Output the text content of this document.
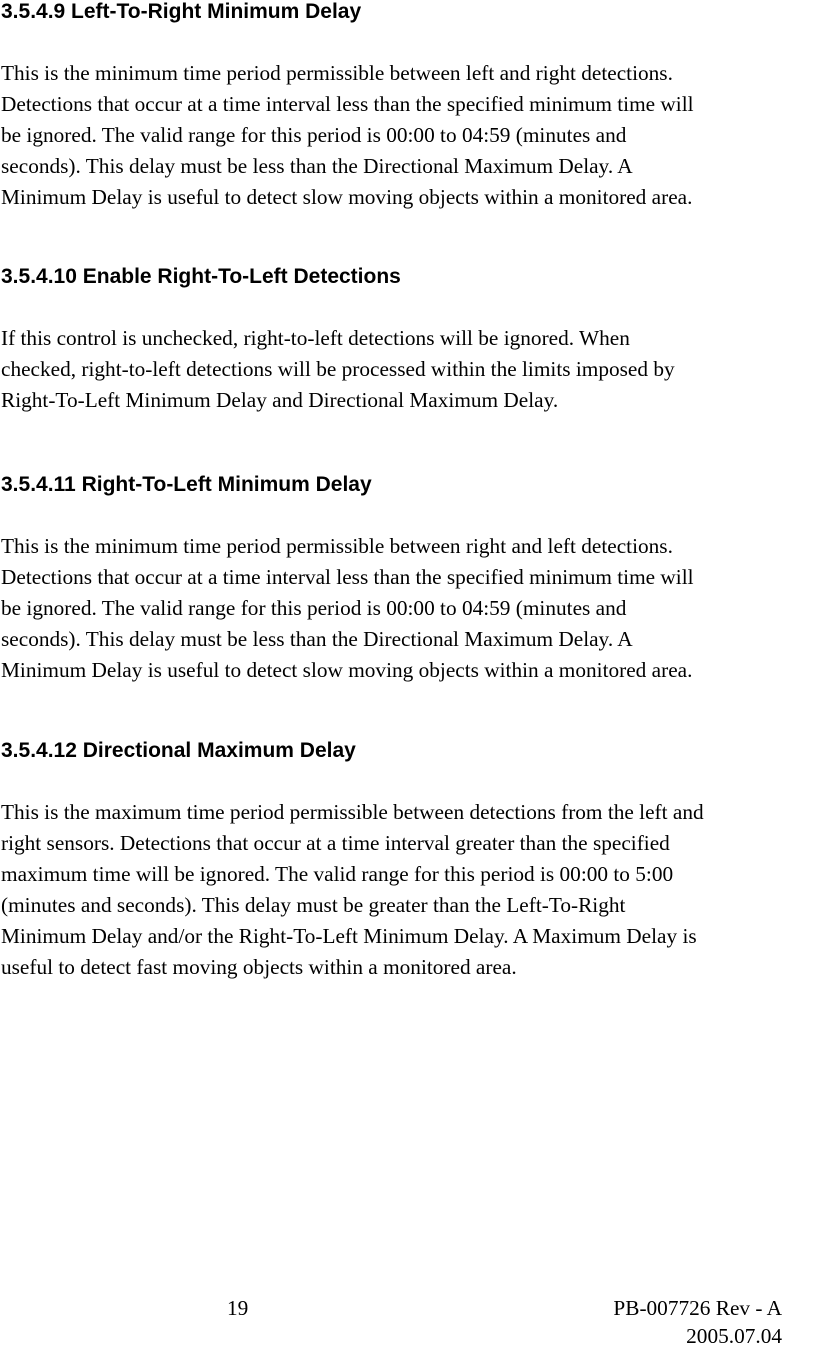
3.5.4.9 Left-To-Right Minimum Delay

This is the minimum time period permissible between left and right detections.
Detections that occur at a time interval less than the specified minimum time will
be ignored. The valid range for this period is 00:00 to 04:59 (minutes and
seconds). This delay must be less than the Directional Maximum Delay. A
Minimum Delay is useful to detect slow moving objects within a monitored area.

3.5.4.10 Enable Right-To-Left Detections

If this control is unchecked, right-to-left detections will be ignored. When
checked, right-to-left detections will be processed within the limits imposed by
Right-To-Left Minimum Delay and Directional Maximum Delay.

3.5.4.11 Right-To-Left Minimum Delay

This is the minimum time period permissible between right and left detections.
Detections that occur at a time interval less than the specified minimum time will
be ignored. The valid range for this period is 00:00 to 04:59 (minutes and
seconds). This delay must be less than the Directional Maximum Delay. A
Minimum Delay is useful to detect slow moving objects within a monitored area.

3.5.4.12 Directional Maximum Delay

This is the maximum time period permissible between detections from the left and
right sensors. Detections that occur at a time interval greater than the specified
maximum time will be ignored. The valid range for this period is 00:00 to 5:00
(minutes and seconds). This delay must be greater than the Left-To-Right
Minimum Delay and/or the Right-To-Left Minimum Delay. A Maximum Delay is
useful to detect fast moving objects within a monitored area.

19	PB-007726 Rev - A
2005.07.04
